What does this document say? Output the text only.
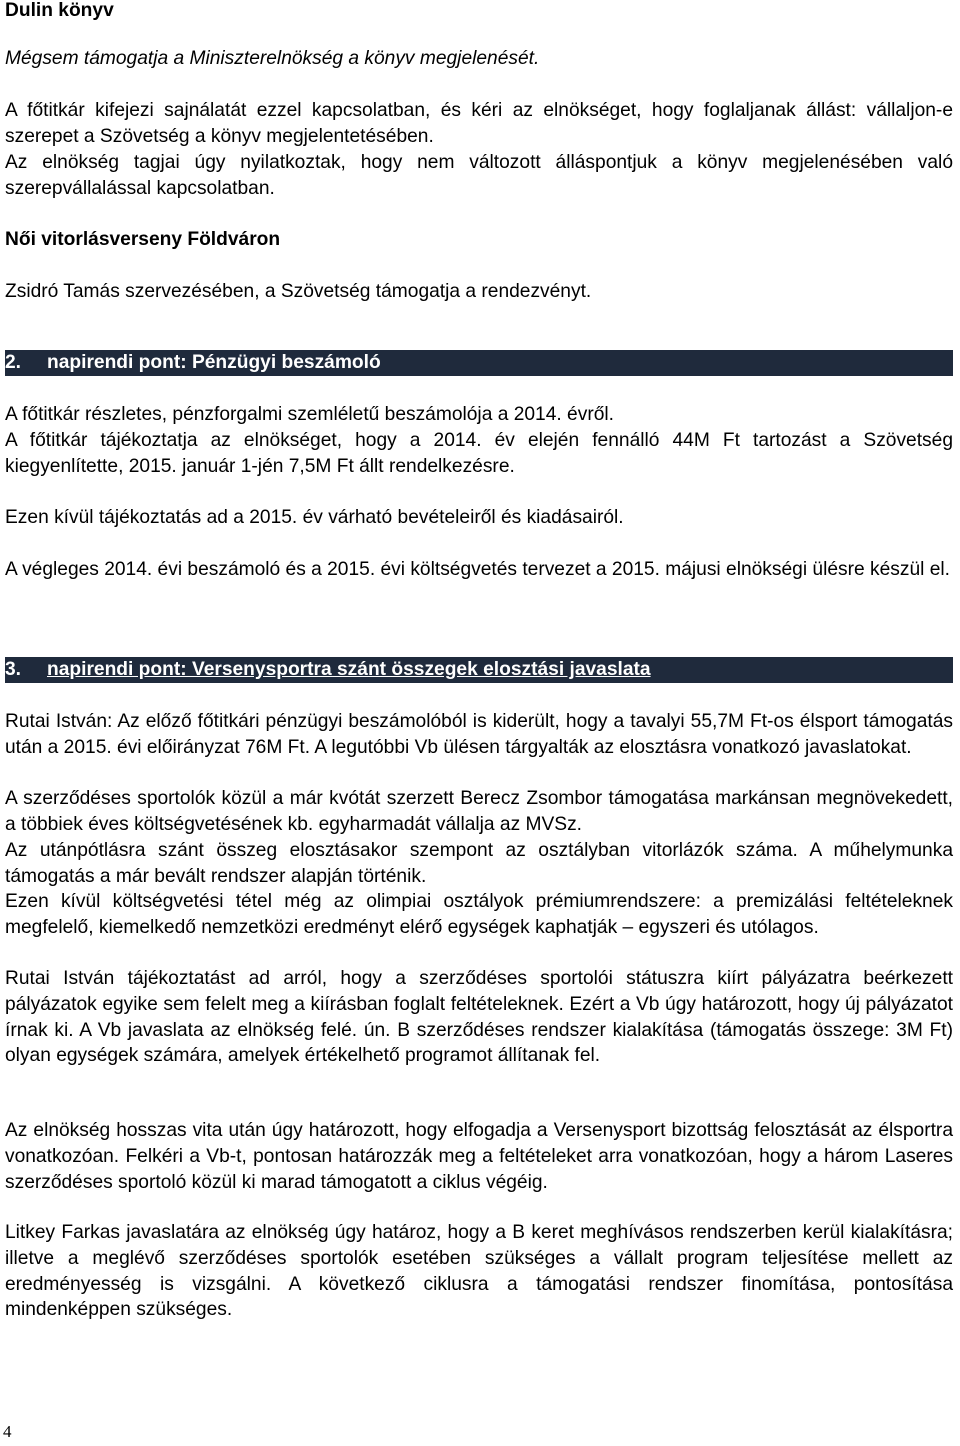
Dulin könyv

Mégsem támogatja a Miniszterelnökség a könyv megjelenését.

A főtitkár kifejezi sajnálatát ezzel kapcsolatban, és kéri az elnökséget, hogy foglaljanak állást: vállaljon-e szerepet a Szövetség a könyv megjelentetésében.

Az elnökség tagjai úgy nyilatkoztak, hogy nem változott álláspontjuk a könyv megjelenésében való szerepvállalással kapcsolatban.

Női vitorlásverseny Földváron

Zsidró Tamás szervezésében, a Szövetség támogatja a rendezvényt.

2. napirendi pont: Pénzügyi beszámoló

A főtitkár részletes, pénzforgalmi szemléletű beszámolója a 2014. évről.

A főtitkár tájékoztatja az elnökséget, hogy a 2014. év elején fennálló 44M Ft tartozást a Szövetség kiegyenlítette, 2015. január 1-jén 7,5M Ft állt rendelkezésre.

Ezen kívül tájékoztatás ad a 2015. év várható bevételeiről és kiadásairól.

A végleges 2014. évi beszámoló és a 2015. évi költségvetés tervezet a 2015. májusi elnökségi ülésre készül el.

3. napirendi pont: Versenysportra szánt összegek elosztási javaslata

Rutai István: Az előző főtitkári pénzügyi beszámolóból is kiderült, hogy a tavalyi 55,7M Ft-os élsport támogatás után a 2015. évi előirányzat 76M Ft. A legutóbbi Vb ülésen tárgyalták az elosztásra vonatkozó javaslatokat.

A szerződéses sportolók közül a már kvótát szerzett Berecz Zsombor támogatása markánsan megnövekedett, a többiek éves költségvetésének kb. egyharmadát vállalja az MVSz.

Az utánpótlásra szánt összeg elosztásakor szempont az osztályban vitorlázók száma. A műhelymunka támogatás a már bevált rendszer alapján történik.

Ezen kívül költségvetési tétel még az olimpiai osztályok prémiumrendszere: a premizálási feltételeknek megfelelő, kiemelkedő nemzetközi eredményt elérő egységek kaphatják – egyszeri és utólagos.

Rutai István tájékoztatást ad arról, hogy a szerződéses sportolói státuszra kiírt pályázatra beérkezett pályázatok egyike sem felelt meg a kiírásban foglalt feltételeknek. Ezért a Vb úgy határozott, hogy új pályázatot írnak ki. A Vb javaslata az elnökség felé. ún. B szerződéses rendszer kialakítása (támogatás összege: 3M Ft) olyan egységek számára, amelyek értékelhető programot állítanak fel.

Az elnökség hosszas vita után úgy határozott, hogy elfogadja a Versenysport bizottság felosztását az élsportra vonatkozóan. Felkéri a Vb-t, pontosan határozzák meg a feltételeket arra vonatkozóan, hogy a három Laseres szerződéses sportoló közül ki marad támogatott a ciklus végéig.

Litkey Farkas javaslatára az elnökség úgy határoz, hogy a B keret meghívásos rendszerben kerül kialakításra; illetve a meglévő szerződéses sportolók esetében szükséges a vállalt program teljesítése mellett az eredményesség is vizsgálni. A következő ciklusra a támogatási rendszer finomítása, pontosítása mindenképpen szükséges.

4
